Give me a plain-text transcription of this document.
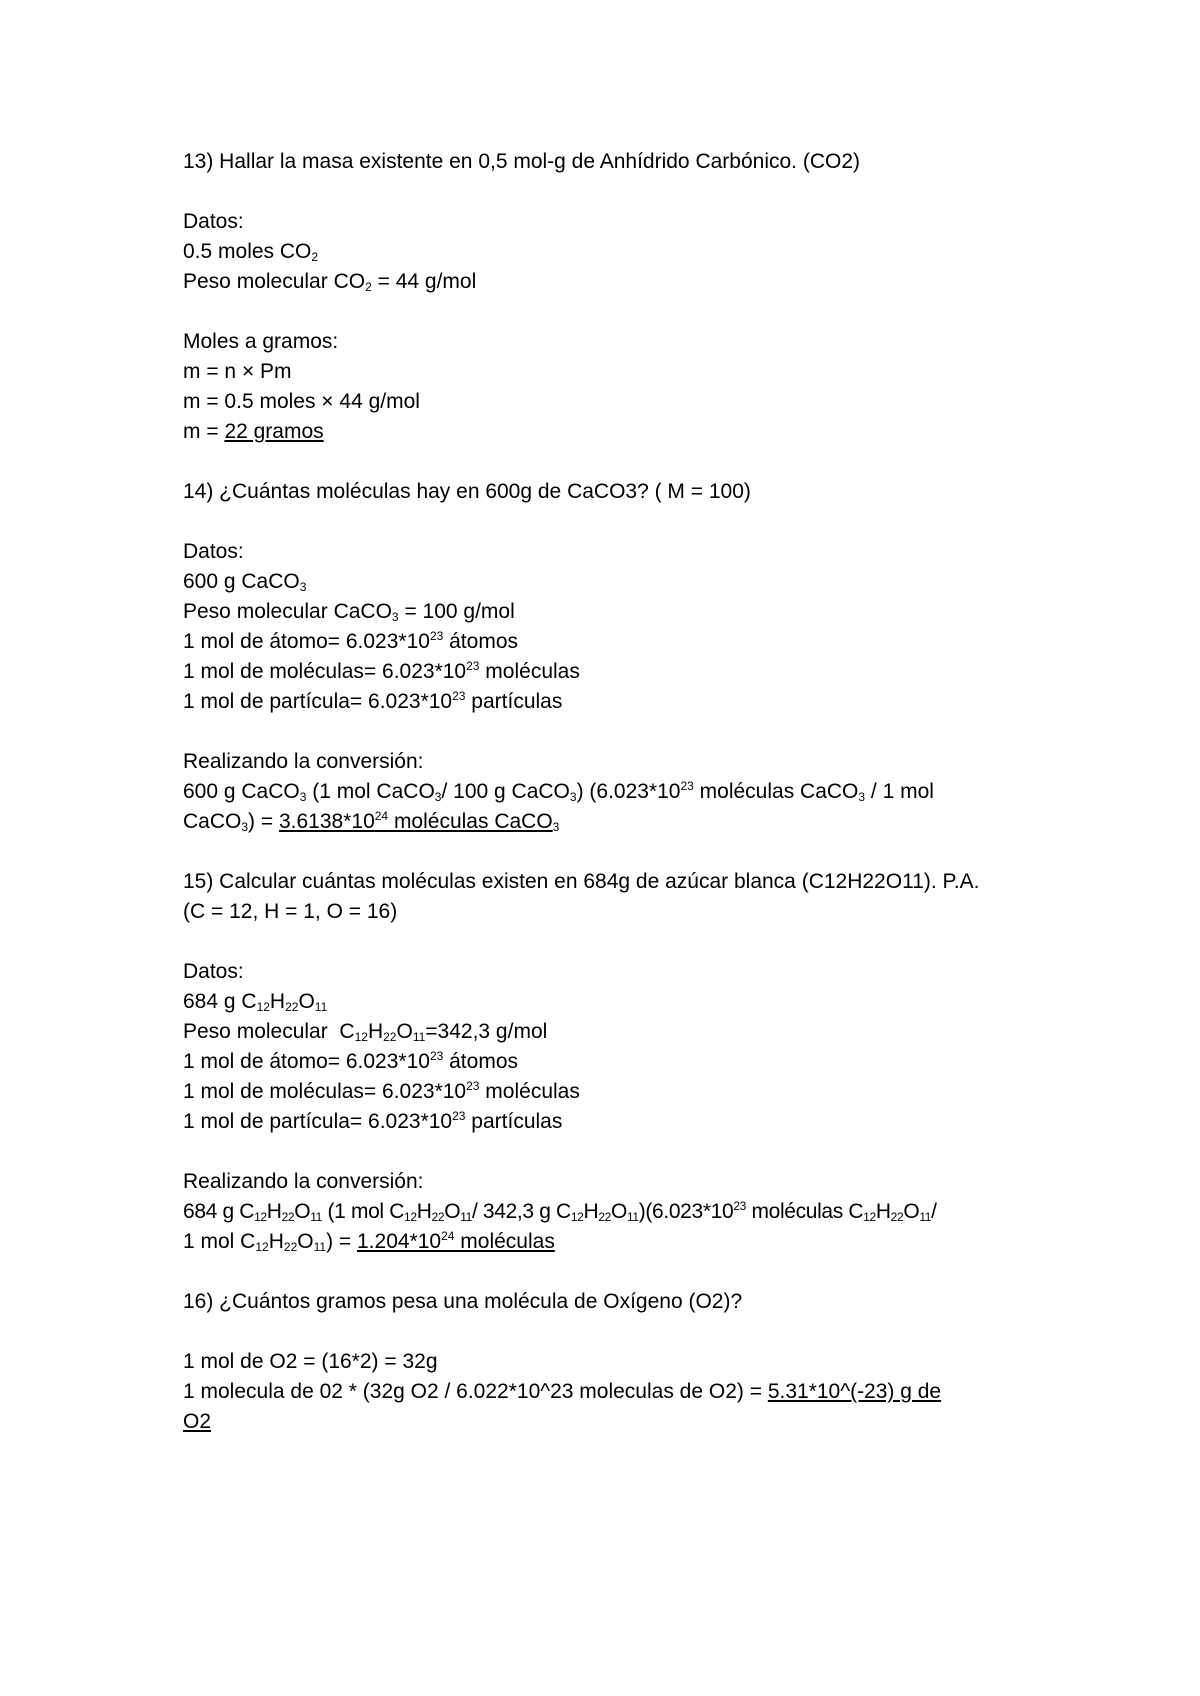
13) Hallar la masa existente en 0,5 mol-g de Anhídrido Carbónico. (CO2)
Datos:
0.5 moles $CO_2$
Peso molecular $CO_2 = 44$ g/mol
Moles a gramos:
m = n × Pm
m = 0.5 moles × 44 g/mol
m = 22 gramos
14) ¿Cuántas moléculas hay en 600g de CaCO3? ( M = 100)
Datos:
600 g CaCO$_3$
Peso molecular CaCO$_3$ = 100 g/mol
1 mol de átomo= $6.023*10^{23}$ átomos
1 mol de moléculas= $6.023*10^{23}$ moléculas
1 mol de partícula= $6.023*10^{23}$ partículas
Realizando la conversión:
600 g CaCO$_3$ (1 mol CaCO$_3$/ 100 g CaCO$_3$) ($6.023*10^{23}$ moléculas CaCO$_3$ / 1 mol
CaCO$_3$) = $3.6138*10^{24}$ moléculas CaCO$_3$
15) Calcular cuántas moléculas existen en 684g de azúcar blanca (C12H22O11). P.A.
(C = 12, H = 1, O = 16)
Datos:
684 g $C_{12}H_{22}O_{11}$
Peso molecular  $C_{12}H_{22}O_{11}=342,3$ g/mol
1 mol de átomo= $6.023*10^{23}$ átomos
1 mol de moléculas= $6.023*10^{23}$ moléculas
1 mol de partícula= $6.023*10^{23}$ partículas
Realizando la conversión:
684 g $C_{12}H_{22}O_{11}$ (1 mol $C_{12}H_{22}O_{11}/$ 342,3 g $C_{12}H_{22}O_{11})(6.023*10^{23}$ moléculas $C_{12}H_{22}O_{11}/$
1 mol $C_{12}H_{22}O_{11}) = 1.204*10^{24}$ moléculas
16) ¿Cuántos gramos pesa una molécula de Oxígeno (O2)?
1 mol de O2 = (16*2) = 32g
1 molecula de 02 * (32g O2 / 6.022*10^23 moleculas de O2) = 5.31*10^(-23) g de
O2
